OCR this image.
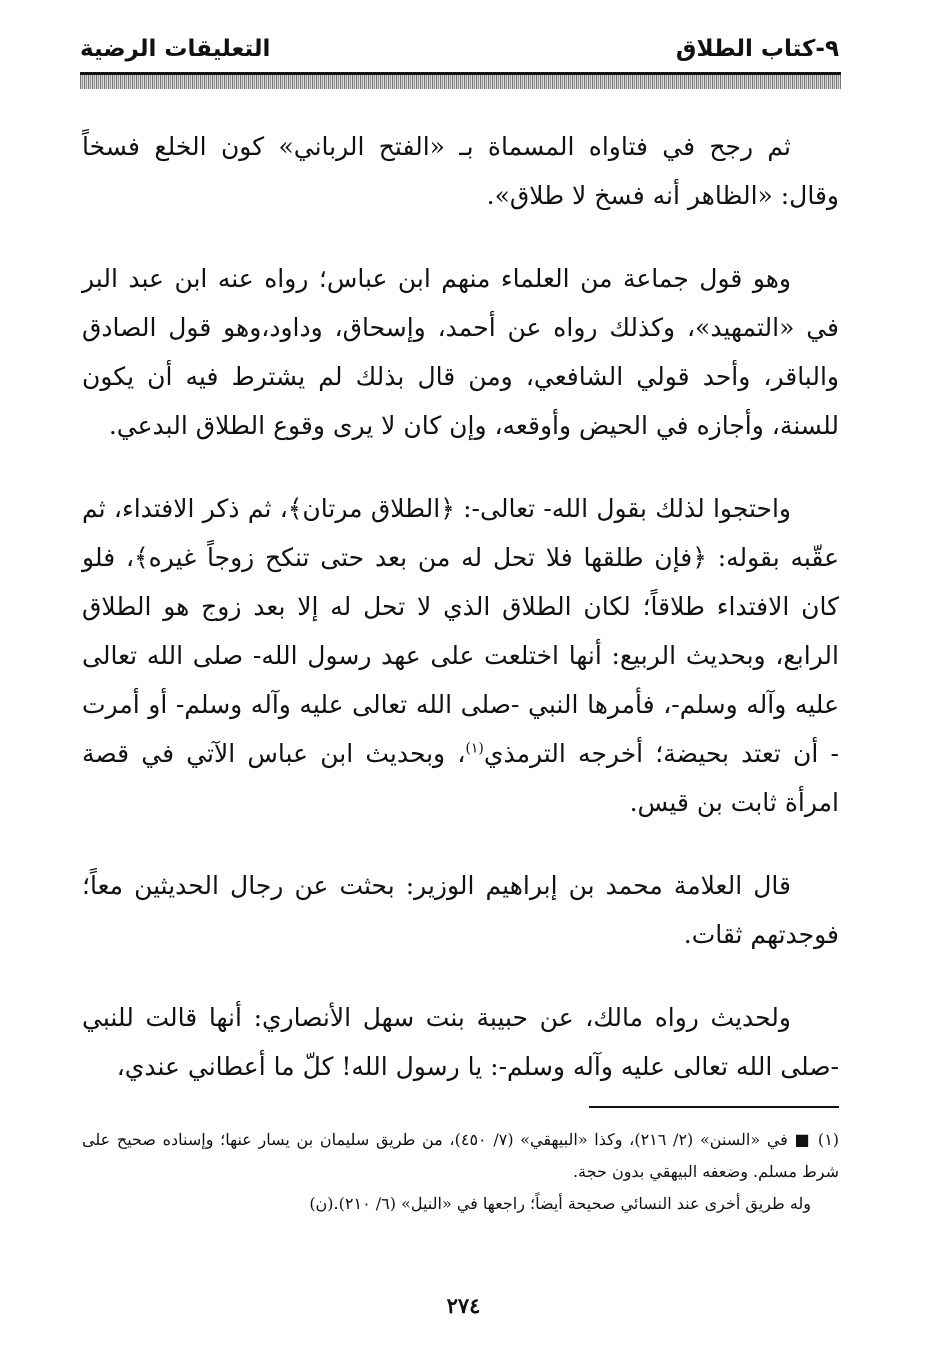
٩-كتاب الطلاق
التعليقات الرضية

ثم رجح في فتاواه المسماة بـ «الفتح الرباني» كون الخلع فسخاً وقال: «الظاهر أنه فسخ لا طلاق».

وهو قول جماعة من العلماء منهم ابن عباس؛ رواه عنه ابن عبد البر في «التمهيد»، وكذلك رواه عن أحمد، وإسحاق، وداود،وهو قول الصادق والباقر، وأحد قولي الشافعي، ومن قال بذلك لم يشترط فيه أن يكون للسنة، وأجازه في الحيض وأوقعه، وإن كان لا يرى وقوع الطلاق البدعي.

واحتجوا لذلك بقول الله- تعالى-: ﴿الطلاق مرتان﴾، ثم ذكر الافتداء، ثم عقّبه بقوله: ﴿فإن طلقها فلا تحل له من بعد حتى تنكح زوجاً غيره﴾، فلو كان الافتداء طلاقاً؛ لكان الطلاق الذي لا تحل له إلا بعد زوج هو الطلاق الرابع، وبحديث الربيع: أنها اختلعت على عهد رسول الله- صلى الله تعالى عليه وآله وسلم-، فأمرها النبي -صلى الله تعالى عليه وآله وسلم- أو أمرت - أن تعتد بحيضة؛ أخرجه الترمذي$^{(١)}$، وبحديث ابن عباس الآتي في قصة امرأة ثابت بن قيس.

قال العلامة محمد بن إبراهيم الوزير: بحثت عن رجال الحديثين معاً؛ فوجدتهم ثقات.

ولحديث رواه مالك، عن حبيبة بنت سهل الأنصاري: أنها قالت للنبي -صلى الله تعالى عليه وآله وسلم-: يا رسول الله! كلّ ما أعطاني عندي،

(١) ■ في «السنن» (٢/ ٢١٦)، وكذا «البيهقي» (٧/ ٤٥٠)، من طريق سليمان بن يسار عنها؛ وإسناده صحيح على شرط مسلم. وضعفه البيهقي بدون حجة.

وله طريق أخرى عند النسائي صحيحة أيضاً؛ راجعها في «النيل» (٦/ ٢١٠).(ن)

٢٧٤
